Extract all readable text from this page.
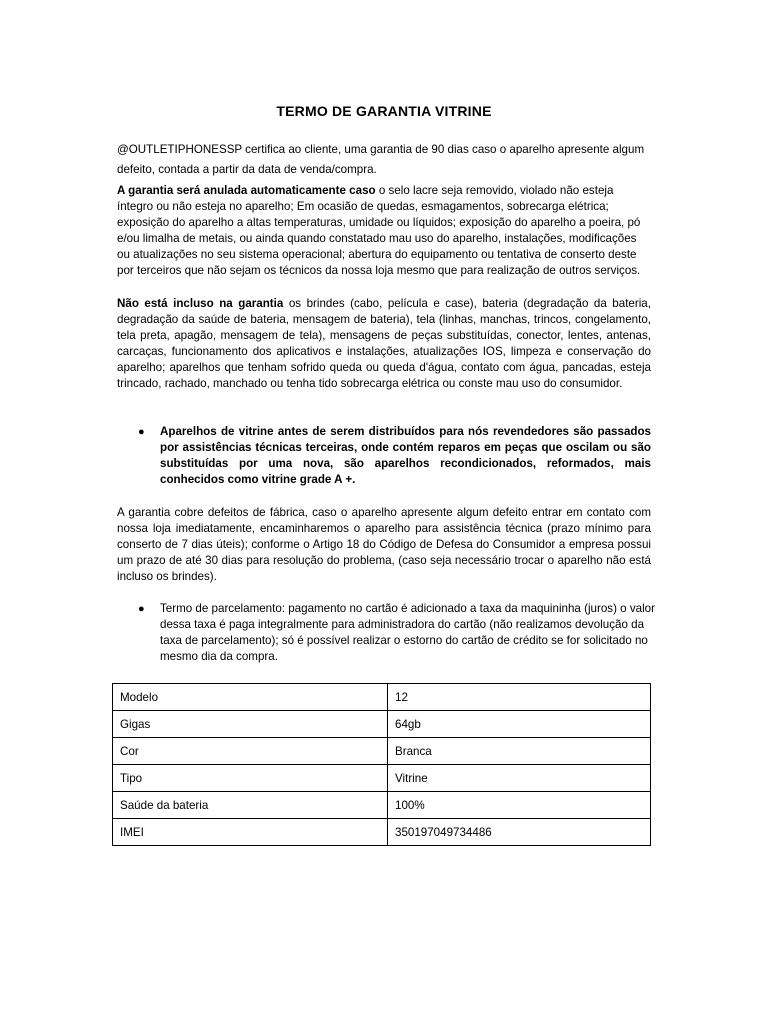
TERMO DE GARANTIA VITRINE
@OUTLETIPHONESSP certifica ao cliente, uma garantia de 90 dias caso o aparelho apresente algum defeito, contada a partir da data de venda/compra.
A garantia será anulada automaticamente caso o selo lacre seja removido, violado não esteja íntegro ou não esteja no aparelho; Em ocasião de quedas, esmagamentos, sobrecarga elétrica; exposição do aparelho a altas temperaturas, umidade ou líquidos; exposição do aparelho a poeira, pó e/ou limalha de metais, ou ainda quando constatado mau uso do aparelho, instalações, modificações ou atualizações no seu sistema operacional; abertura do equipamento ou tentativa de conserto deste por terceiros que não sejam os técnicos da nossa loja mesmo que para realização de outros serviços.
Não está incluso na garantia os brindes (cabo, película e case), bateria (degradação da bateria, degradação da saúde de bateria, mensagem de bateria), tela (linhas, manchas, trincos, congelamento, tela preta, apagão, mensagem de tela), mensagens de peças substituídas, conector, lentes, antenas, carcaças, funcionamento dos aplicativos e instalações, atualizações IOS, limpeza e conservação do aparelho; aparelhos que tenham sofrido queda ou queda d'água, contato com água, pancadas, esteja trincado, rachado, manchado ou tenha tido sobrecarga elétrica ou conste mau uso do consumidor.
● Aparelhos de vitrine antes de serem distribuídos para nós revendedores são passados por assistências técnicas terceiras, onde contém reparos em peças que oscilam ou são substituídas por uma nova, são aparelhos recondicionados, reformados, mais conhecidos como vitrine grade A +.
A garantia cobre defeitos de fábrica, caso o aparelho apresente algum defeito entrar em contato com nossa loja imediatamente, encaminharemos o aparelho para assistência técnica (prazo mínimo para conserto de 7 dias úteis); conforme o Artigo 18 do Código de Defesa do Consumidor a empresa possui um prazo de até 30 dias para resolução do problema, (caso seja necessário trocar o aparelho não está incluso os brindes).
● Termo de parcelamento: pagamento no cartão é adicionado a taxa da maquininha (juros) o valor dessa taxa é paga integralmente para administradora do cartão (não realizamos devolução da taxa de parcelamento); só é possível realizar o estorno do cartão de crédito se for solicitado no mesmo dia da compra.
Modelo	12
Gigas	64gb
Cor	Branca
Tipo	Vitrine
Saúde da bateria	100%
IMEI	350197049734486
